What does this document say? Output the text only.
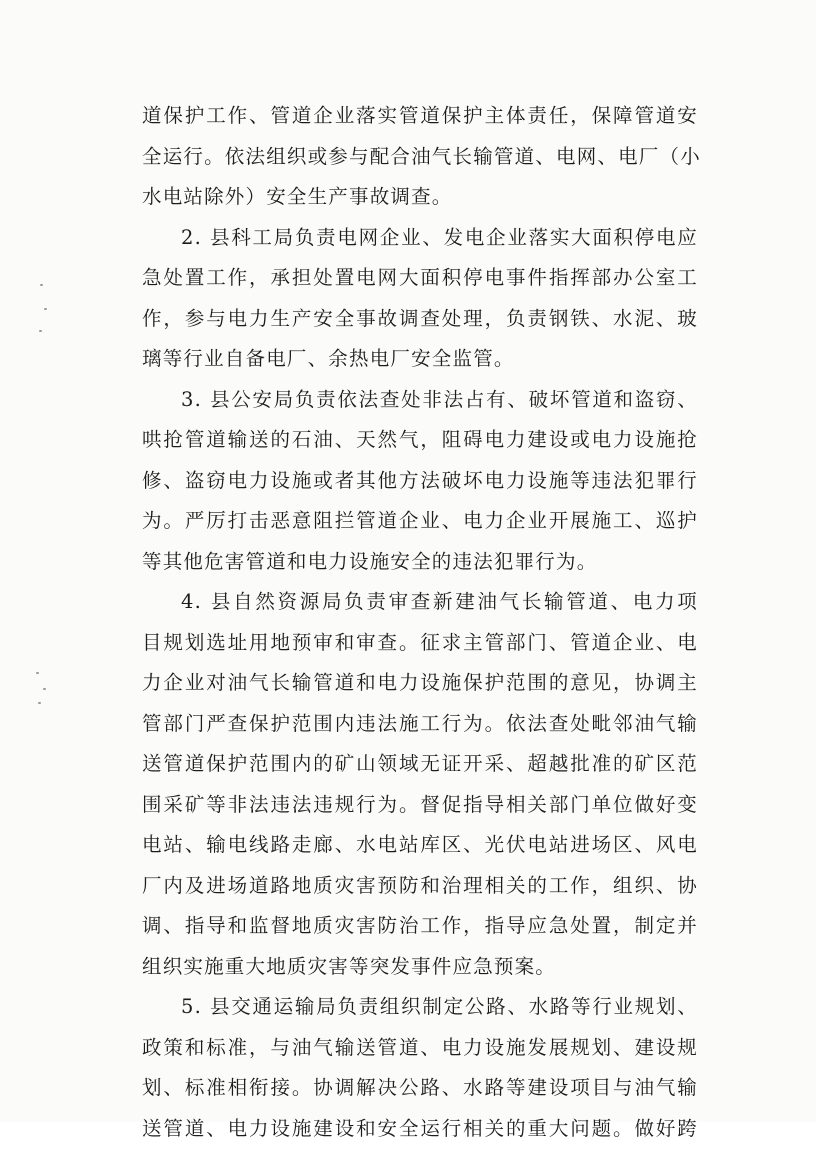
道保护工作、管道企业落实管道保护主体责任，保障管道安
全运行。依法组织或参与配合油气长输管道、电网、电厂（小
水电站除外）安全生产事故调查。

2. 县科工局负责电网企业、发电企业落实大面积停电应
急处置工作，承担处置电网大面积停电事件指挥部办公室工
作，参与电力生产安全事故调查处理，负责钢铁、水泥、玻
璃等行业自备电厂、余热电厂安全监管。

3. 县公安局负责依法查处非法占有、破坏管道和盗窃、
哄抢管道输送的石油、天然气，阻碍电力建设或电力设施抢
修、盗窃电力设施或者其他方法破坏电力设施等违法犯罪行
为。严厉打击恶意阻拦管道企业、电力企业开展施工、巡护
等其他危害管道和电力设施安全的违法犯罪行为。

4. 县自然资源局负责审查新建油气长输管道、电力项
目规划选址用地预审和审查。征求主管部门、管道企业、电
力企业对油气长输管道和电力设施保护范围的意见，协调主
管部门严查保护范围内违法施工行为。依法查处毗邻油气输
送管道保护范围内的矿山领域无证开采、超越批准的矿区范
围采矿等非法违法违规行为。督促指导相关部门单位做好变
电站、输电线路走廊、水电站库区、光伏电站进场区、风电
厂内及进场道路地质灾害预防和治理相关的工作，组织、协
调、指导和监督地质灾害防治工作，指导应急处置，制定并
组织实施重大地质灾害等突发事件应急预案。

5. 县交通运输局负责组织制定公路、水路等行业规划、
政策和标准，与油气输送管道、电力设施发展规划、建设规
划、标准相衔接。协调解决公路、水路等建设项目与油气输
送管道、电力设施建设和安全运行相关的重大问题。做好跨
